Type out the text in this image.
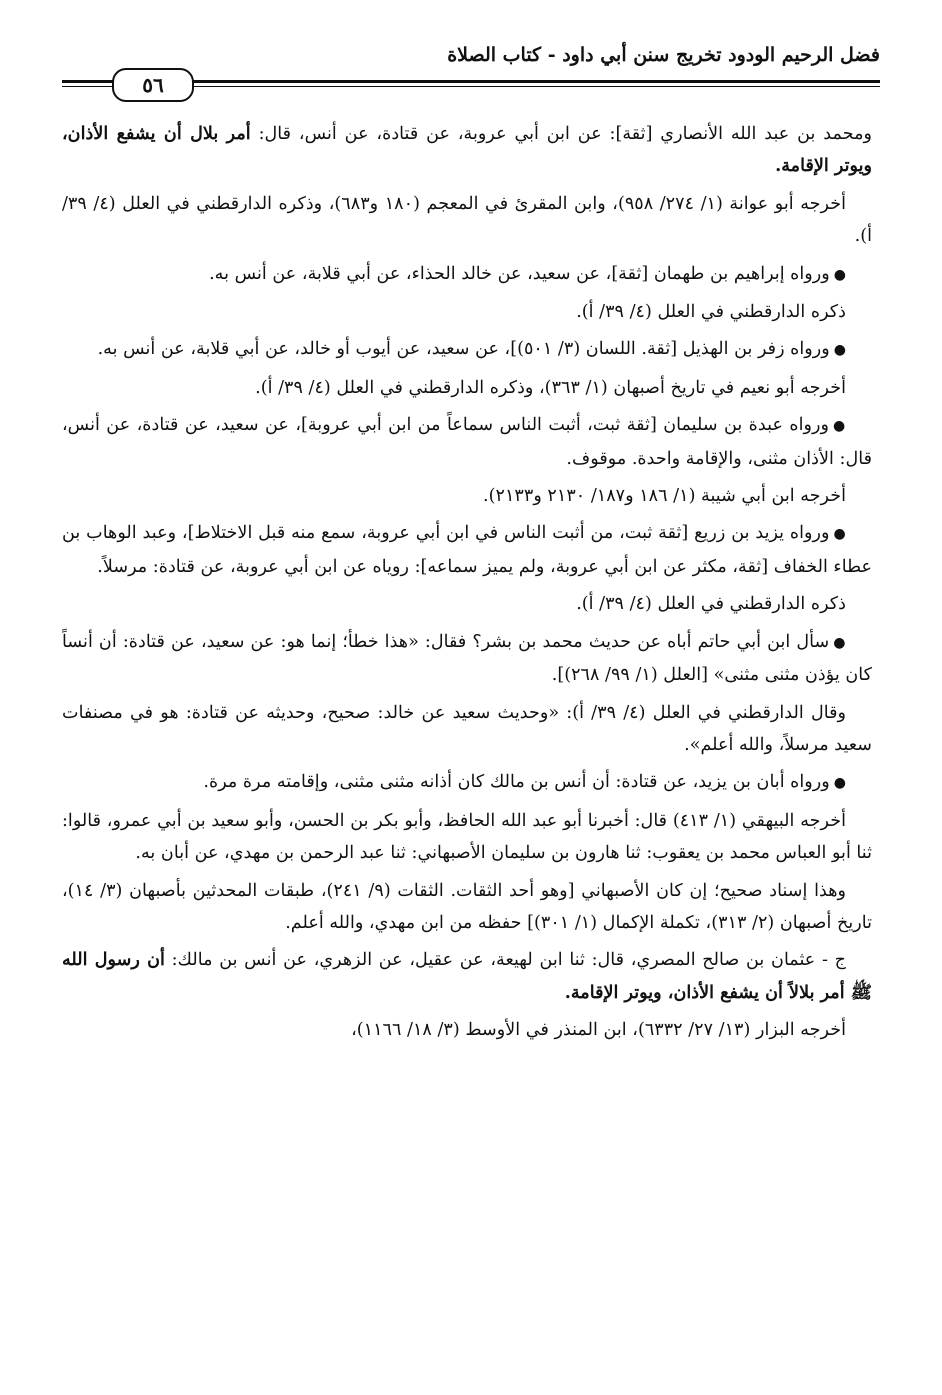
فضل الرحيم الودود تخريج سنن أبي داود - كتاب الصلاة
٥٦

ومحمد بن عبد الله الأنصاري [ثقة]: عن ابن أبي عروبة، عن قتادة، عن أنس، قال: أمر بلال أن يشفع الأذان، ويوتر الإقامة.

أخرجه أبو عوانة (١/ ٢٧٤/ ٩٥٨)، وابن المقرئ في المعجم (١٨٠ و٦٨٣)، وذكره الدارقطني في العلل (٤/ ٣٩/ أ).

●ورواه إبراهيم بن طهمان [ثقة]، عن سعيد، عن خالد الحذاء، عن أبي قلابة، عن أنس به.

ذكره الدارقطني في العلل (٤/ ٣٩/ أ).

●ورواه زفر بن الهذيل [ثقة. اللسان (٣/ ٥٠١)]، عن سعيد، عن أيوب أو خالد، عن أبي قلابة، عن أنس به.

أخرجه أبو نعيم في تاريخ أصبهان (١/ ٣٦٣)، وذكره الدارقطني في العلل (٤/ ٣٩/ أ).

●ورواه عبدة بن سليمان [ثقة ثبت، أثبت الناس سماعاً من ابن أبي عروبة]، عن سعيد، عن قتادة، عن أنس، قال: الأذان مثنى، والإقامة واحدة. موقوف.

أخرجه ابن أبي شيبة (١/ ١٨٦ و١٨٧/ ٢١٣٠ و٢١٣٣).

●ورواه يزيد بن زريع [ثقة ثبت، من أثبت الناس في ابن أبي عروبة، سمع منه قبل الاختلاط]، وعبد الوهاب بن عطاء الخفاف [ثقة، مكثر عن ابن أبي عروبة، ولم يميز سماعه]: روياه عن ابن أبي عروبة، عن قتادة: مرسلاً.

ذكره الدارقطني في العلل (٤/ ٣٩/ أ).

●سأل ابن أبي حاتم أباه عن حديث محمد بن بشر؟ فقال: «هذا خطأ؛ إنما هو: عن سعيد، عن قتادة: أن أنساً كان يؤذن مثنى مثنى» [العلل (١/ ٩٩/ ٢٦٨)].

وقال الدارقطني في العلل (٤/ ٣٩/ أ): «وحديث سعيد عن خالد: صحيح، وحديثه عن قتادة: هو في مصنفات سعيد مرسلاً، والله أعلم».

●ورواه أبان بن يزيد، عن قتادة: أن أنس بن مالك كان أذانه مثنى مثنى، وإقامته مرة مرة.

أخرجه البيهقي (١/ ٤١٣) قال: أخبرنا أبو عبد الله الحافظ، وأبو بكر بن الحسن، وأبو سعيد بن أبي عمرو، قالوا: ثنا أبو العباس محمد بن يعقوب: ثنا هارون بن سليمان الأصبهاني: ثنا عبد الرحمن بن مهدي، عن أبان به.

وهذا إسناد صحيح؛ إن كان الأصبهاني [وهو أحد الثقات. الثقات (٩/ ٢٤١)، طبقات المحدثين بأصبهان (٣/ ١٤)، تاريخ أصبهان (٢/ ٣١٣)، تكملة الإكمال (١/ ٣٠١)] حفظه من ابن مهدي، والله أعلم.

ج - عثمان بن صالح المصري، قال: ثنا ابن لهيعة، عن عقيل، عن الزهري، عن أنس بن مالك: أن رسول الله ﷺ أمر بلالاً أن يشفع الأذان، ويوتر الإقامة.

أخرجه البزار (١٣/ ٢٧/ ٦٣٣٢)، ابن المنذر في الأوسط (٣/ ١٨/ ١١٦٦)،
